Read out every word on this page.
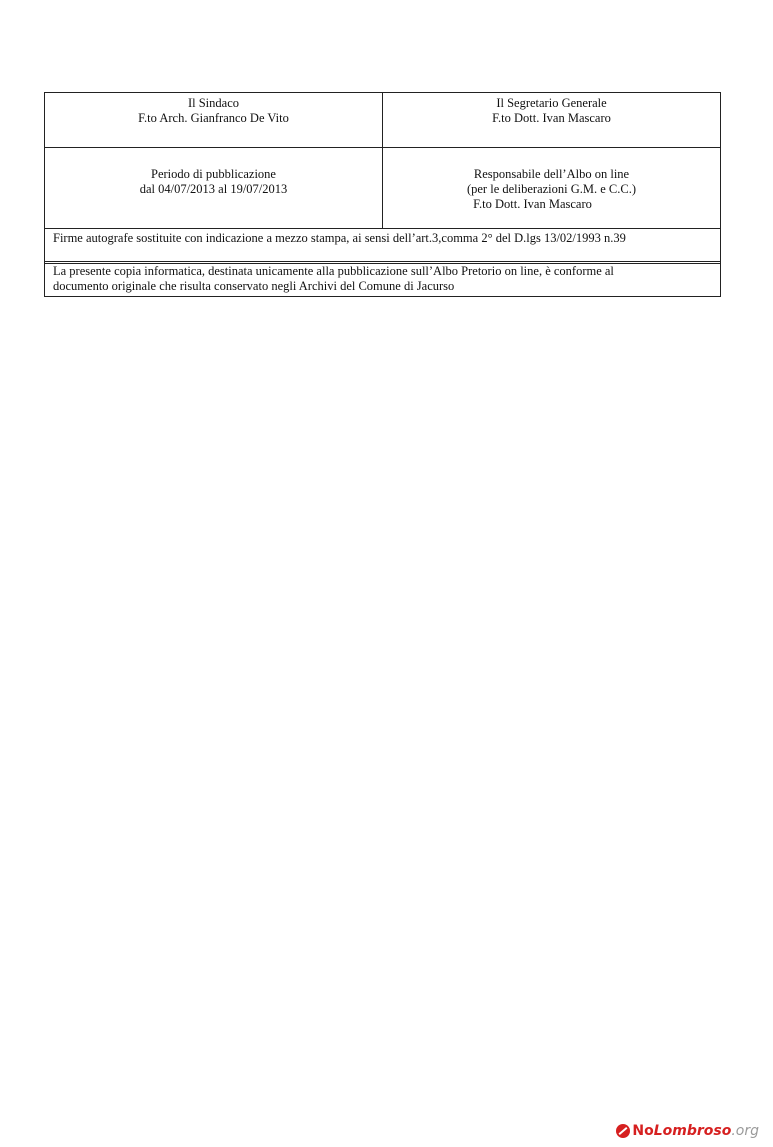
Il Sindaco
F.to Arch. Gianfranco De Vito
Il Segretario Generale
F.to Dott. Ivan Mascaro
Periodo di pubblicazione
dal 04/07/2013 al 19/07/2013
Responsabile dell’Albo on line
(per le deliberazioni G.M. e C.C.)
F.to Dott. Ivan Mascaro
Firme autografe sostituite con indicazione a mezzo stampa, ai sensi dell’art.3,comma 2° del D.lgs 13/02/1993 n.39
La presente copia informatica, destinata unicamente alla pubblicazione sull’Albo Pretorio on line, è conforme al
documento originale che risulta conservato negli Archivi del Comune di Jacurso
No Lombroso .org
